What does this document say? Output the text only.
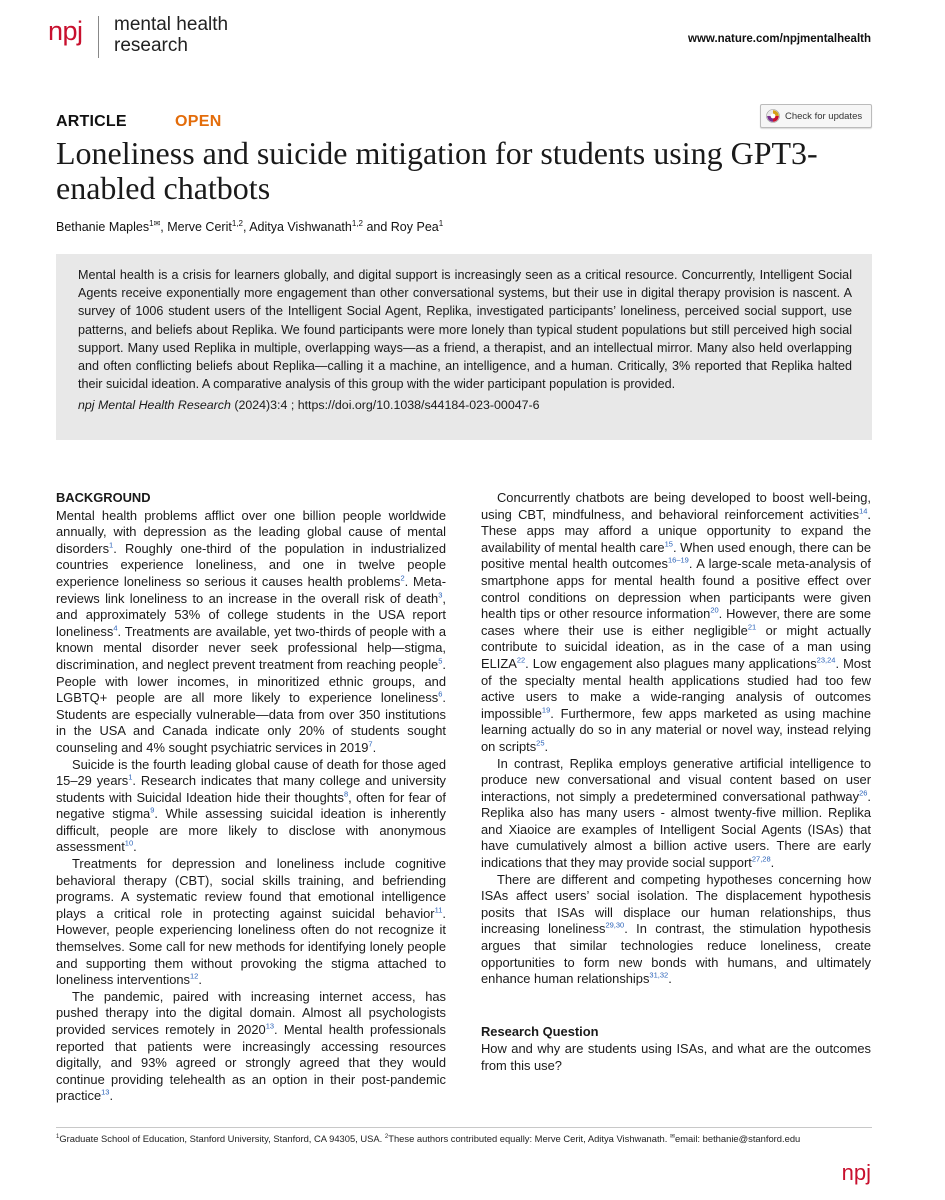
npj mental health
research	www.nature.com/npjmentalhealth
ARTICLE	OPEN	Check for updates
Loneliness and suicide mitigation for students using GPT3-enabled chatbots
Bethanie Maples$^{1✉}$, Merve Cerit$^{1,2}$, Aditya Vishwanath$^{1,2}$ and Roy Pea$^1$
Mental health is a crisis for learners globally, and digital support is increasingly seen as a critical resource. Concurrently, Intelligent Social Agents receive exponentially more engagement than other conversational systems, but their use in digital therapy provision is nascent. A survey of 1006 student users of the Intelligent Social Agent, Replika, investigated participants’ loneliness, perceived social support, use patterns, and beliefs about Replika. We found participants were more lonely than typical student populations but still perceived high social support. Many used Replika in multiple, overlapping ways—as a friend, a therapist, and an intellectual mirror. Many also held overlapping and often conflicting beliefs about Replika—calling it a machine, an intelligence, and a human. Critically, 3% reported that Replika halted their suicidal ideation. A comparative analysis of this group with the wider participant population is provided.
npj Mental Health Research (2024)3:4 ; https://doi.org/10.1038/s44184-023-00047-6
BACKGROUND

Mental health problems afflict over one billion people worldwide annually, with depression as the leading global cause of mental disorders$^1$. Roughly one-third of the population in industrialized countries experience loneliness, and one in twelve people experience loneliness so serious it causes health problems$^2$. Meta-reviews link loneliness to an increase in the overall risk of death$^3$, and approximately 53% of college students in the USA report loneliness$^4$. Treatments are available, yet two-thirds of people with a known mental disorder never seek professional help—stigma, discrimination, and neglect prevent treatment from reaching people$^5$. People with lower incomes, in minoritized ethnic groups, and LGBTQ+ people are all more likely to experience loneliness$^6$. Students are especially vulnerable—data from over 350 institutions in the USA and Canada indicate only 20% of students sought counseling and 4% sought psychiatric services in 2019$^7$.

Suicide is the fourth leading global cause of death for those aged 15–29 years$^1$. Research indicates that many college and university students with Suicidal Ideation hide their thoughts$^8$, often for fear of negative stigma$^9$. While assessing suicidal ideation is inherently difficult, people are more likely to disclose with anonymous assessment$^{10}$.

Treatments for depression and loneliness include cognitive behavioral therapy (CBT), social skills training, and befriending programs. A systematic review found that emotional intelligence plays a critical role in protecting against suicidal behavior$^{11}$. However, people experiencing loneliness often do not recognize it themselves. Some call for new methods for identifying lonely people and supporting them without provoking the stigma attached to loneliness interventions$^{12}$.

The pandemic, paired with increasing internet access, has pushed therapy into the digital domain. Almost all psychologists provided services remotely in 2020$^{13}$. Mental health professionals reported that patients were increasingly accessing resources digitally, and 93% agreed or strongly agreed that they would continue providing telehealth as an option in their post-pandemic practice$^{13}$.

Concurrently chatbots are being developed to boost well-being, using CBT, mindfulness, and behavioral reinforcement activities$^{14}$. These apps may afford a unique opportunity to expand the availability of mental health care$^{15}$. When used enough, there can be positive mental health outcomes$^{16-19}$. A large-scale meta-analysis of smartphone apps for mental health found a positive effect over control conditions on depression when participants were given health tips or other resource information$^{20}$. However, there are some cases where their use is either negligible$^{21}$ or might actually contribute to suicidal ideation, as in the case of a man using ELIZA$^{22}$. Low engagement also plagues many applications$^{23,24}$. Most of the specialty mental health applications studied had too few active users to make a wide-ranging analysis of outcomes impossible$^{19}$. Furthermore, few apps marketed as using machine learning actually do so in any material or novel way, instead relying on scripts$^{25}$.

In contrast, Replika employs generative artificial intelligence to produce new conversational and visual content based on user interactions, not simply a predetermined conversational pathway$^{26}$. Replika also has many users - almost twenty-five million. Replika and Xiaoice are examples of Intelligent Social Agents (ISAs) that have cumulatively almost a billion active users. There are early indications that they may provide social support$^{27,28}$.

There are different and competing hypotheses concerning how ISAs affect users’ social isolation. The displacement hypothesis posits that ISAs will displace our human relationships, thus increasing loneliness$^{29,30}$. In contrast, the stimulation hypothesis argues that similar technologies reduce loneliness, create opportunities to form new bonds with humans, and ultimately enhance human relationships$^{31,32}$.

Research Question

How and why are students using ISAs, and what are the outcomes from this use?

$^1$Graduate School of Education, Stanford University, Stanford, CA 94305, USA. $^2$These authors contributed equally: Merve Cerit, Aditya Vishwanath. ✉email: bethanie@stanford.edu
npj
